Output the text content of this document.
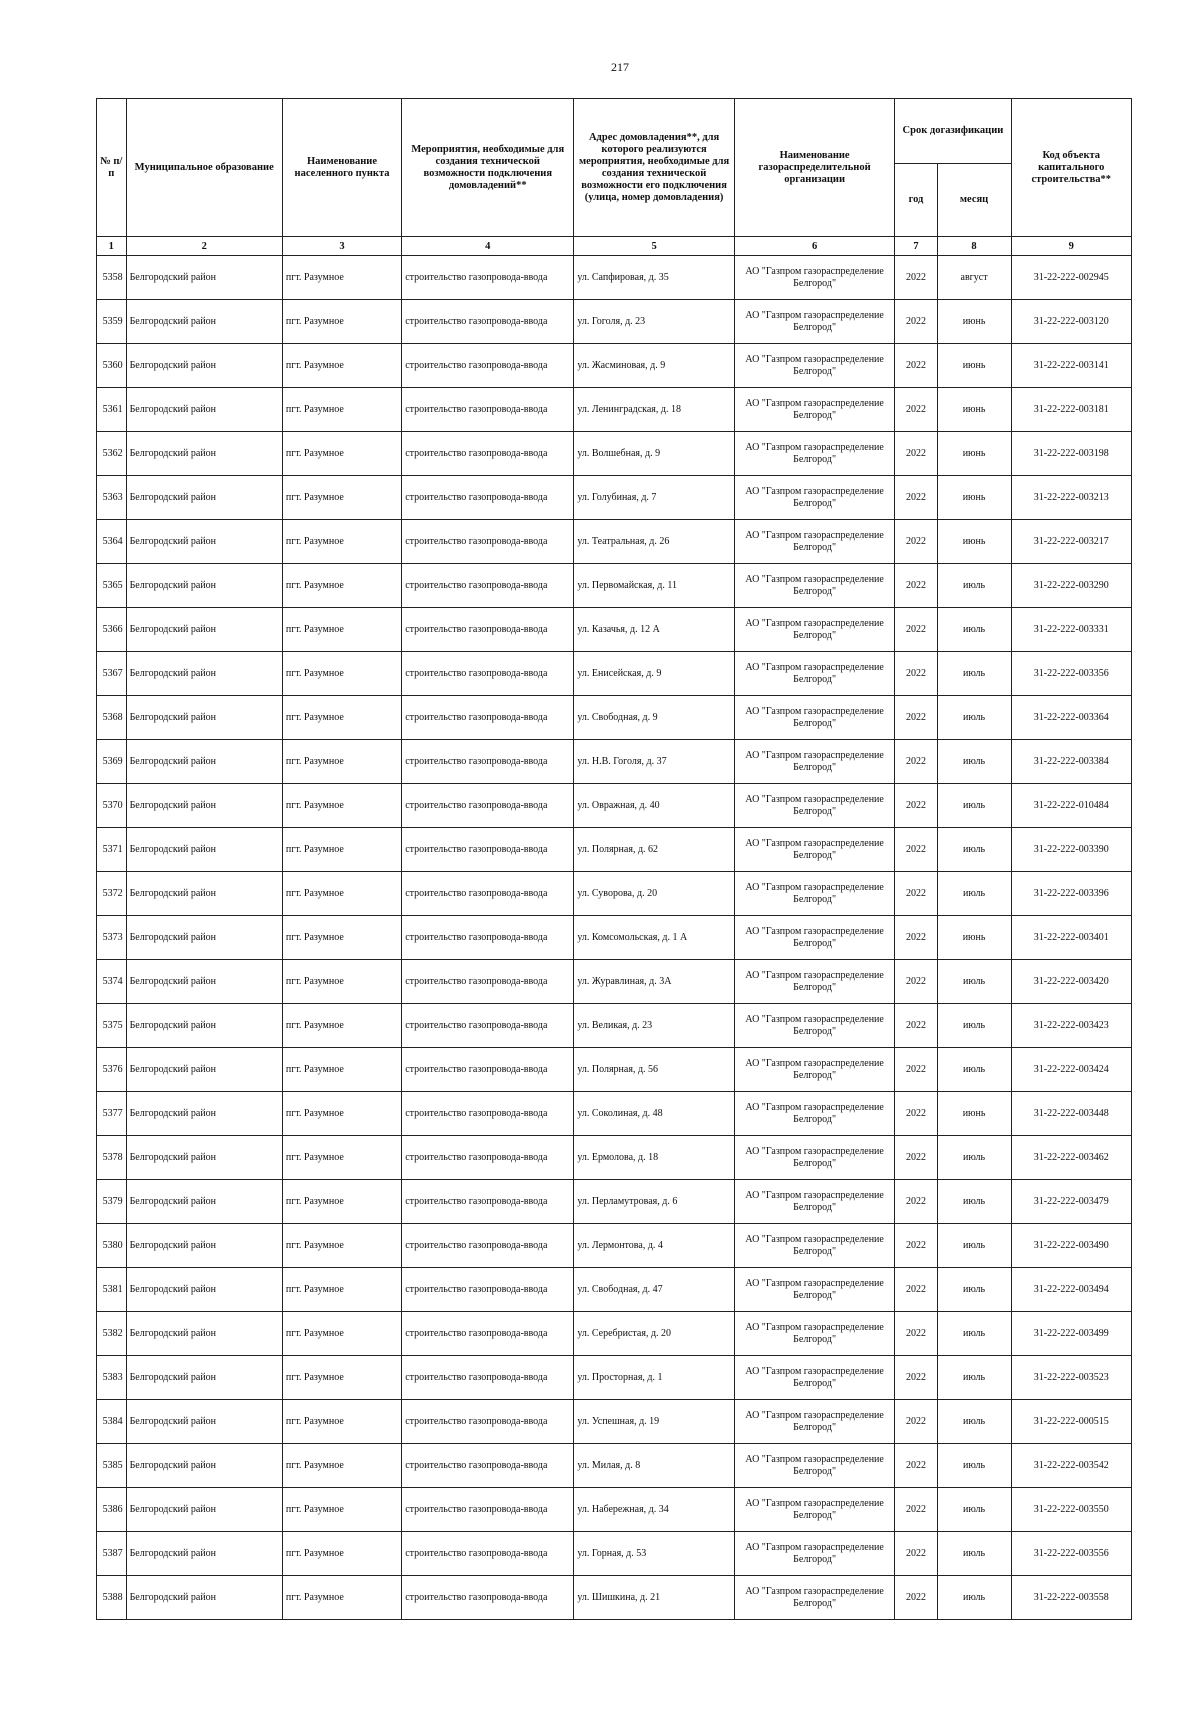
217
№ п/п	Муниципальное образование	Наименование населенного пункта	Мероприятия, необходимые для создания технической возможности подключения домовладений**	Адрес домовладения**, для которого реализуются мероприятия, необходимые для создания технической возможности его подключения (улица, номер домовладения)	Наименование газораспределительной организации	Срок догазификации		Код объекта капитального строительства**
						год	месяц	
1	2	3	4	5	6	7	8	9
5358	Белгородский район	пгт. Разумное	строительство газопровода-ввода	ул. Сапфировая, д. 35	АО "Газпром газораспределение Белгород"	2022	август	31-22-222-002945
5359	Белгородский район	пгт. Разумное	строительство газопровода-ввода	ул. Гоголя, д. 23	АО "Газпром газораспределение Белгород"	2022	июнь	31-22-222-003120
5360	Белгородский район	пгт. Разумное	строительство газопровода-ввода	ул. Жасминовая, д. 9	АО "Газпром газораспределение Белгород"	2022	июнь	31-22-222-003141
5361	Белгородский район	пгт. Разумное	строительство газопровода-ввода	ул. Ленинградская, д. 18	АО "Газпром газораспределение Белгород"	2022	июнь	31-22-222-003181
5362	Белгородский район	пгт. Разумное	строительство газопровода-ввода	ул. Волшебная, д. 9	АО "Газпром газораспределение Белгород"	2022	июнь	31-22-222-003198
5363	Белгородский район	пгт. Разумное	строительство газопровода-ввода	ул. Голубиная, д. 7	АО "Газпром газораспределение Белгород"	2022	июнь	31-22-222-003213
5364	Белгородский район	пгт. Разумное	строительство газопровода-ввода	ул. Театральная, д. 26	АО "Газпром газораспределение Белгород"	2022	июнь	31-22-222-003217
5365	Белгородский район	пгт. Разумное	строительство газопровода-ввода	ул. Первомайская, д. 11	АО "Газпром газораспределение Белгород"	2022	июль	31-22-222-003290
5366	Белгородский район	пгт. Разумное	строительство газопровода-ввода	ул. Казачья, д. 12 А	АО "Газпром газораспределение Белгород"	2022	июль	31-22-222-003331
5367	Белгородский район	пгт. Разумное	строительство газопровода-ввода	ул. Енисейская, д. 9	АО "Газпром газораспределение Белгород"	2022	июль	31-22-222-003356
5368	Белгородский район	пгт. Разумное	строительство газопровода-ввода	ул. Свободная, д. 9	АО "Газпром газораспределение Белгород"	2022	июль	31-22-222-003364
5369	Белгородский район	пгт. Разумное	строительство газопровода-ввода	ул. Н.В. Гоголя, д. 37	АО "Газпром газораспределение Белгород"	2022	июль	31-22-222-003384
5370	Белгородский район	пгт. Разумное	строительство газопровода-ввода	ул. Овражная, д. 40	АО "Газпром газораспределение Белгород"	2022	июль	31-22-222-010484
5371	Белгородский район	пгт. Разумное	строительство газопровода-ввода	ул. Полярная, д. 62	АО "Газпром газораспределение Белгород"	2022	июль	31-22-222-003390
5372	Белгородский район	пгт. Разумное	строительство газопровода-ввода	ул. Суворова, д. 20	АО "Газпром газораспределение Белгород"	2022	июль	31-22-222-003396
5373	Белгородский район	пгт. Разумное	строительство газопровода-ввода	ул. Комсомольская, д. 1 А	АО "Газпром газораспределение Белгород"	2022	июнь	31-22-222-003401
5374	Белгородский район	пгт. Разумное	строительство газопровода-ввода	ул. Журавлиная, д. 3А	АО "Газпром газораспределение Белгород"	2022	июль	31-22-222-003420
5375	Белгородский район	пгт. Разумное	строительство газопровода-ввода	ул. Великая, д. 23	АО "Газпром газораспределение Белгород"	2022	июль	31-22-222-003423
5376	Белгородский район	пгт. Разумное	строительство газопровода-ввода	ул. Полярная, д. 56	АО "Газпром газораспределение Белгород"	2022	июль	31-22-222-003424
5377	Белгородский район	пгт. Разумное	строительство газопровода-ввода	ул. Соколиная, д. 48	АО "Газпром газораспределение Белгород"	2022	июнь	31-22-222-003448
5378	Белгородский район	пгт. Разумное	строительство газопровода-ввода	ул. Ермолова, д. 18	АО "Газпром газораспределение Белгород"	2022	июль	31-22-222-003462
5379	Белгородский район	пгт. Разумное	строительство газопровода-ввода	ул. Перламутровая, д. 6	АО "Газпром газораспределение Белгород"	2022	июль	31-22-222-003479
5380	Белгородский район	пгт. Разумное	строительство газопровода-ввода	ул. Лермонтова, д. 4	АО "Газпром газораспределение Белгород"	2022	июль	31-22-222-003490
5381	Белгородский район	пгт. Разумное	строительство газопровода-ввода	ул. Свободная, д. 47	АО "Газпром газораспределение Белгород"	2022	июль	31-22-222-003494
5382	Белгородский район	пгт. Разумное	строительство газопровода-ввода	ул. Серебристая, д. 20	АО "Газпром газораспределение Белгород"	2022	июль	31-22-222-003499
5383	Белгородский район	пгт. Разумное	строительство газопровода-ввода	ул. Просторная, д. 1	АО "Газпром газораспределение Белгород"	2022	июль	31-22-222-003523
5384	Белгородский район	пгт. Разумное	строительство газопровода-ввода	ул. Успешная, д. 19	АО "Газпром газораспределение Белгород"	2022	июль	31-22-222-000515
5385	Белгородский район	пгт. Разумное	строительство газопровода-ввода	ул. Милая, д. 8	АО "Газпром газораспределение Белгород"	2022	июль	31-22-222-003542
5386	Белгородский район	пгт. Разумное	строительство газопровода-ввода	ул. Набережная, д. 34	АО "Газпром газораспределение Белгород"	2022	июль	31-22-222-003550
5387	Белгородский район	пгт. Разумное	строительство газопровода-ввода	ул. Горная, д. 53	АО "Газпром газораспределение Белгород"	2022	июль	31-22-222-003556
5388	Белгородский район	пгт. Разумное	строительство газопровода-ввода	ул. Шишкина, д. 21	АО "Газпром газораспределение Белгород"	2022	июль	31-22-222-003558
